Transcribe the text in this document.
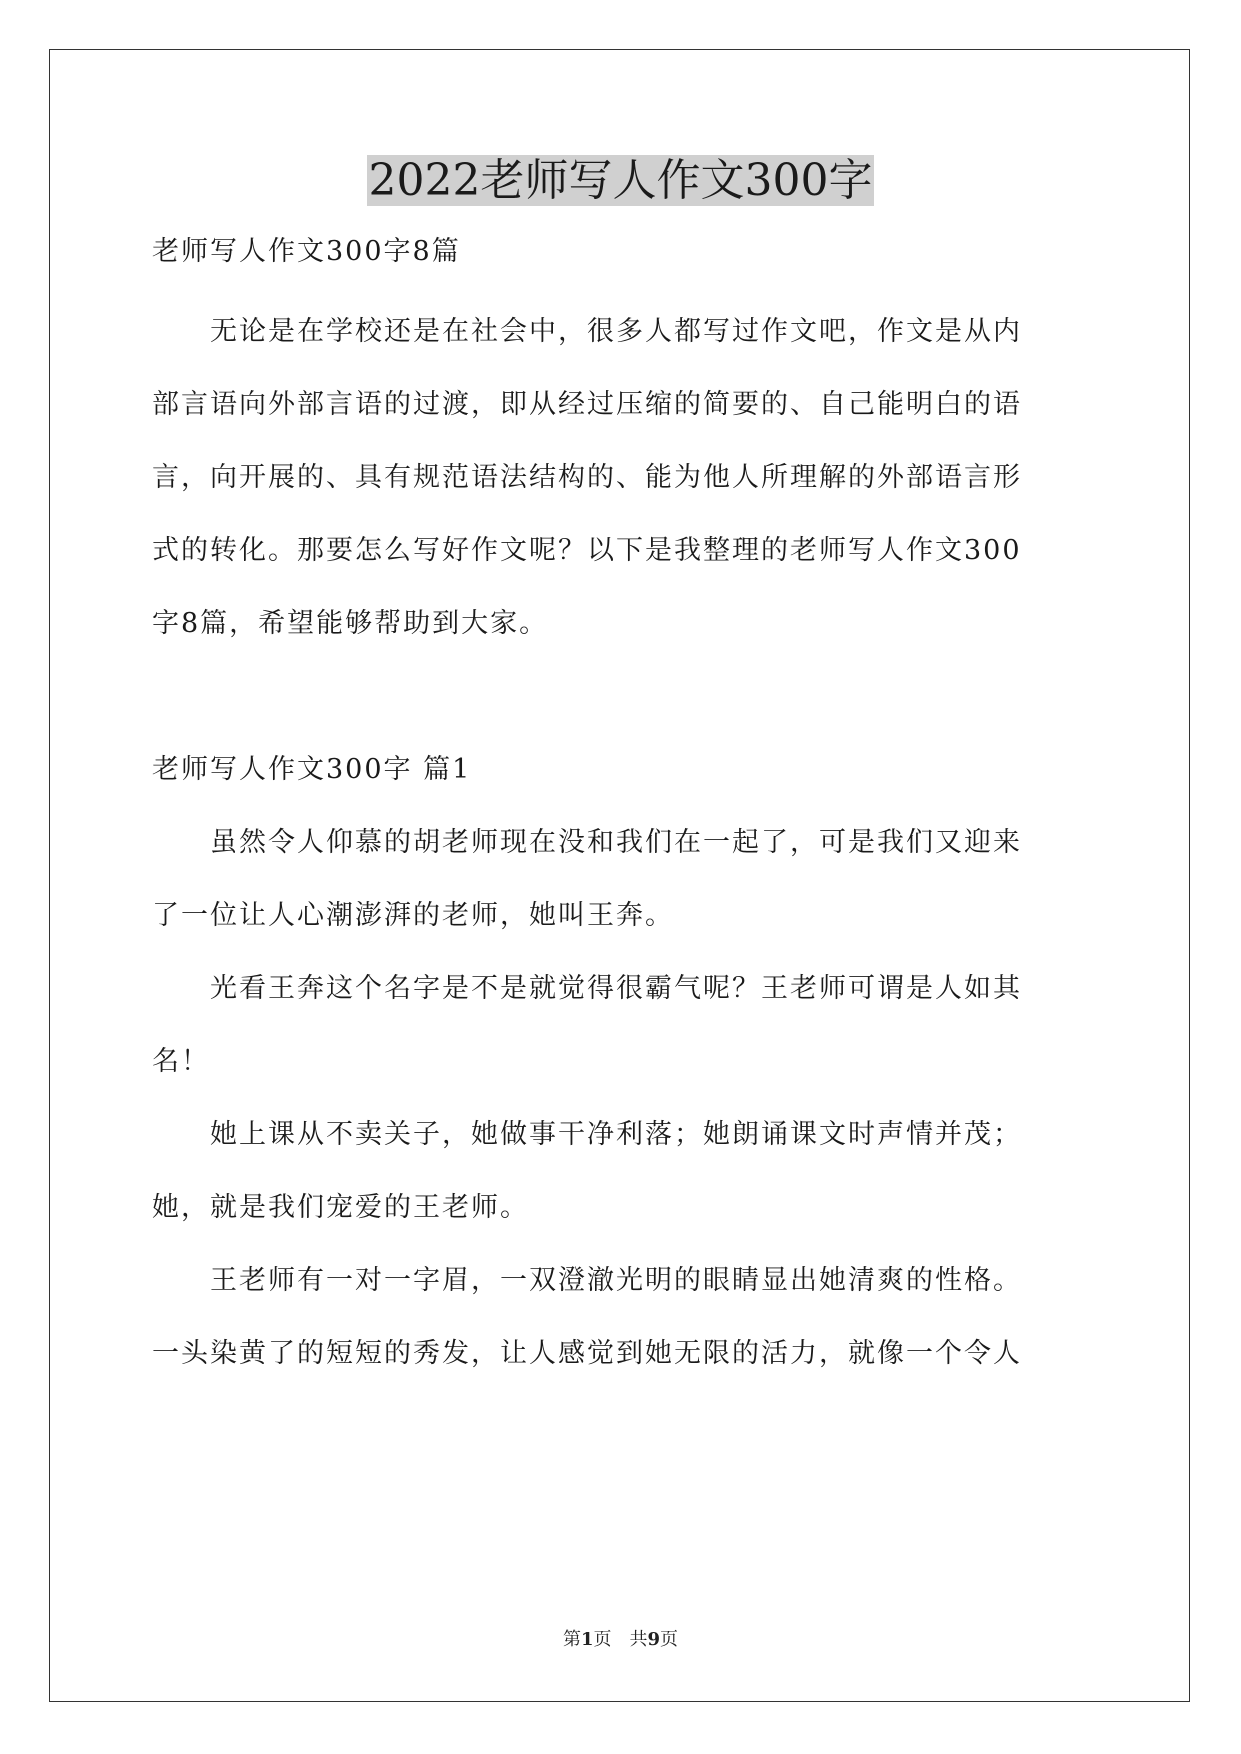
2022老师写人作文300字
老师写人作文300字8篇
　　无论是在学校还是在社会中，很多人都写过作文吧，作文是从内
部言语向外部言语的过渡，即从经过压缩的简要的、自己能明白的语
言，向开展的、具有规范语法结构的、能为他人所理解的外部语言形
式的转化。那要怎么写好作文呢？以下是我整理的老师写人作文300
字8篇，希望能够帮助到大家。
老师写人作文300字 篇1
　　虽然令人仰慕的胡老师现在没和我们在一起了，可是我们又迎来
了一位让人心潮澎湃的老师，她叫王奔。
　　光看王奔这个名字是不是就觉得很霸气呢？王老师可谓是人如其
名！
　　她上课从不卖关子，她做事干净利落；她朗诵课文时声情并茂；
她，就是我们宠爱的王老师。
　　王老师有一对一字眉，一双澄澈光明的眼睛显出她清爽的性格。
一头染黄了的短短的秀发，让人感觉到她无限的活力，就像一个令人
第1页　共9页
